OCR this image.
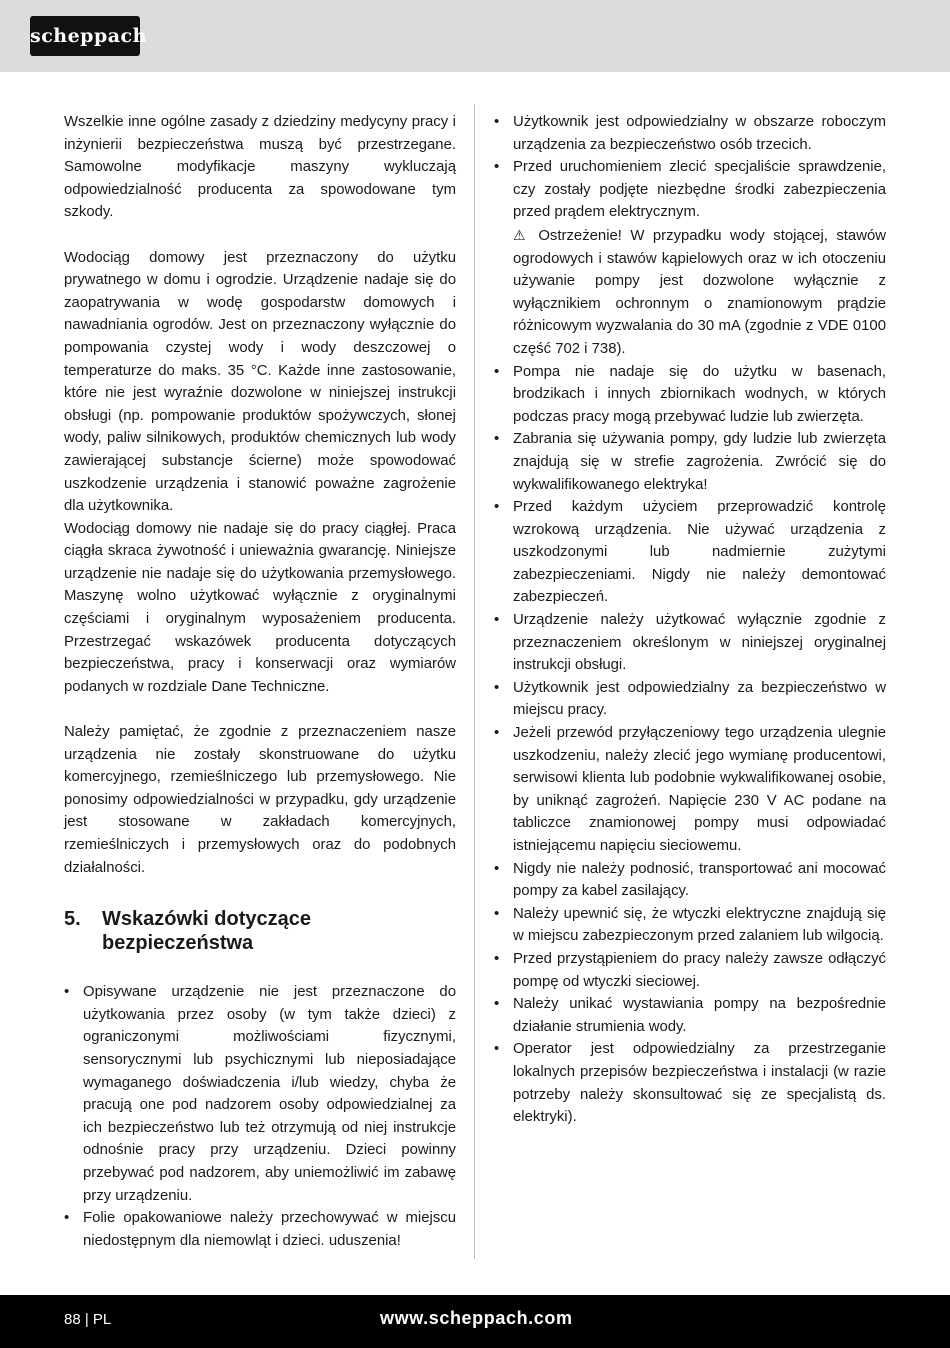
scheppach

Wszelkie inne ogólne zasady z dziedziny medycyny pracy i inżynierii bezpieczeństwa muszą być przestrzegane. Samowolne modyfikacje maszyny wykluczają odpowiedzialność producenta za spowodowane tym szkody.

Wodociąg domowy jest przeznaczony do użytku prywatnego w domu i ogrodzie. Urządzenie nadaje się do zaopatrywania w wodę gospodarstw domowych i nawadniania ogrodów. Jest on przeznaczony wyłącznie do pompowania czystej wody i wody deszczowej o temperaturze do maks. 35 °C. Każde inne zastosowanie, które nie jest wyraźnie dozwolone w niniejszej instrukcji obsługi (np. pompowanie produktów spożywczych, słonej wody, paliw silnikowych, produktów chemicznych lub wody zawierającej substancje ścierne) może spowodować uszkodzenie urządzenia i stanowić poważne zagrożenie dla użytkownika.

Wodociąg domowy nie nadaje się do pracy ciągłej. Praca ciągła skraca żywotność i unieważnia gwarancję. Niniejsze urządzenie nie nadaje się do użytkowania przemysłowego. Maszynę wolno użytkować wyłącznie z oryginalnymi częściami i oryginalnym wyposażeniem producenta. Przestrzegać wskazówek producenta dotyczących bezpieczeństwa, pracy i konserwacji oraz wymiarów podanych w rozdziale Dane Techniczne.

Należy pamiętać, że zgodnie z przeznaczeniem nasze urządzenia nie zostały skonstruowane do użytku komercyjnego, rzemieślniczego lub przemysłowego. Nie ponosimy odpowiedzialności w przypadku, gdy urządzenie jest stosowane w zakładach komercyjnych, rzemieślniczych i przemysłowych oraz do podobnych działalności.

5.	Wskazówki dotyczące bezpieczeństwa
• Opisywane urządzenie nie jest przeznaczone do użytkowania przez osoby (w tym także dzieci) z ograniczonymi możliwościami fizycznymi, sensorycznymi lub psychicznymi lub nieposiadające wymaganego doświadczenia i/lub wiedzy, chyba że pracują one pod nadzorem osoby odpowiedzialnej za ich bezpieczeństwo lub też otrzymują od niej instrukcje odnośnie pracy przy urządzeniu. Dzieci powinny przebywać pod nadzorem, aby uniemożliwić im zabawę przy urządzeniu.
• Folie opakowaniowe należy przechowywać w miejscu niedostępnym dla niemowląt i dzieci. uduszenia!
• Użytkownik jest odpowiedzialny w obszarze roboczym urządzenia za bezpieczeństwo osób trzecich.
• Przed uruchomieniem zlecić specjaliście sprawdzenie, czy zostały podjęte niezbędne środki zabezpieczenia przed prądem elektrycznym.
⚠ Ostrzeżenie! W przypadku wody stojącej, stawów ogrodowych i stawów kąpielowych oraz w ich otoczeniu używanie pompy jest dozwolone wyłącznie z wyłącznikiem ochronnym o znamionowym prądzie różnicowym wyzwalania do 30 mA (zgodnie z VDE 0100 część 702 i 738).
• Pompa nie nadaje się do użytku w basenach, brodzikach i innych zbiornikach wodnych, w których podczas pracy mogą przebywać ludzie lub zwierzęta.
• Zabrania się używania pompy, gdy ludzie lub zwierzęta znajdują się w strefie zagrożenia. Zwrócić się do wykwalifikowanego elektryka!
• Przed każdym użyciem przeprowadzić kontrolę wzrokową urządzenia. Nie używać urządzenia z uszkodzonymi lub nadmiernie zużytymi zabezpieczeniami. Nigdy nie należy demontować zabezpieczeń.
• Urządzenie należy użytkować wyłącznie zgodnie z przeznaczeniem określonym w niniejszej oryginalnej instrukcji obsługi.
• Użytkownik jest odpowiedzialny za bezpieczeństwo w miejscu pracy.
• Jeżeli przewód przyłączeniowy tego urządzenia ulegnie uszkodzeniu, należy zlecić jego wymianę producentowi, serwisowi klienta lub podobnie wykwalifikowanej osobie, by uniknąć zagrożeń. Napięcie 230 V AC podane na tabliczce znamionowej pompy musi odpowiadać istniejącemu napięciu sieciowemu.
• Nigdy nie należy podnosić, transportować ani mocować pompy za kabel zasilający.
• Należy upewnić się, że wtyczki elektryczne znajdują się w miejscu zabezpieczonym przed zalaniem lub wilgocią.
• Przed przystąpieniem do pracy należy zawsze odłączyć pompę od wtyczki sieciowej.
• Należy unikać wystawiania pompy na bezpośrednie działanie strumienia wody.
• Operator jest odpowiedzialny za przestrzeganie lokalnych przepisów bezpieczeństwa i instalacji (w razie potrzeby należy skonsultować się ze specjalistą ds. elektryki).
88 | PL	www.scheppach.com
